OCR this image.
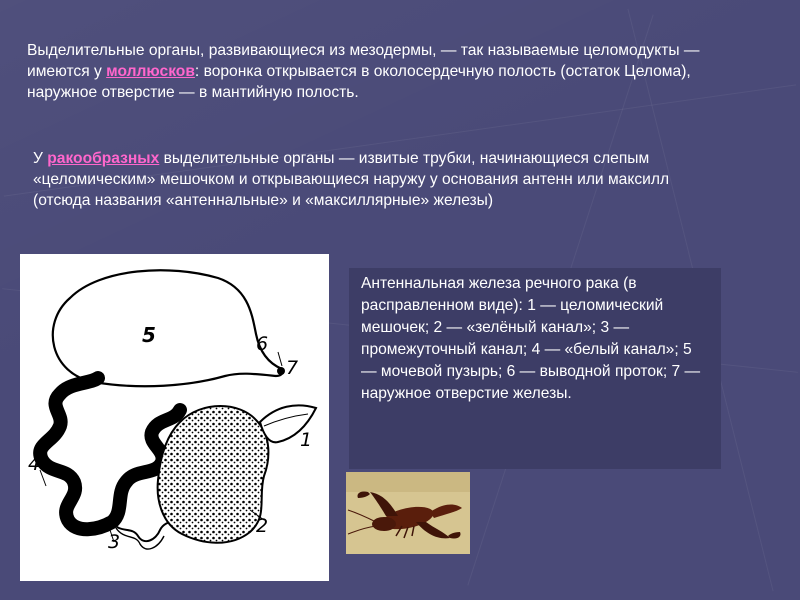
Выделительные органы, развивающиеся из мезодермы, — так называемые целомодукты — имеются у моллюсков: воронка открывается в околосердечную полость (остаток Целома), наружное отверстие — в мантийную полость.

У ракообразных выделительные органы — извитые трубки, начинающиеся слепым «целомическим» мешочком и открывающиеся наружу у основания антенн или максилл (отсюда названия «антеннальные» и «максиллярные» железы)

5	6
7
1
2
3
4

Антеннальная железа речного рака (в расправленном виде): 1 — целомический мешочек; 2 — «зелёный канал»; 3 — промежуточный канал; 4 — «белый канал»; 5 — мочевой пузырь; 6 — выводной проток; 7 — наружное отверстие железы.
